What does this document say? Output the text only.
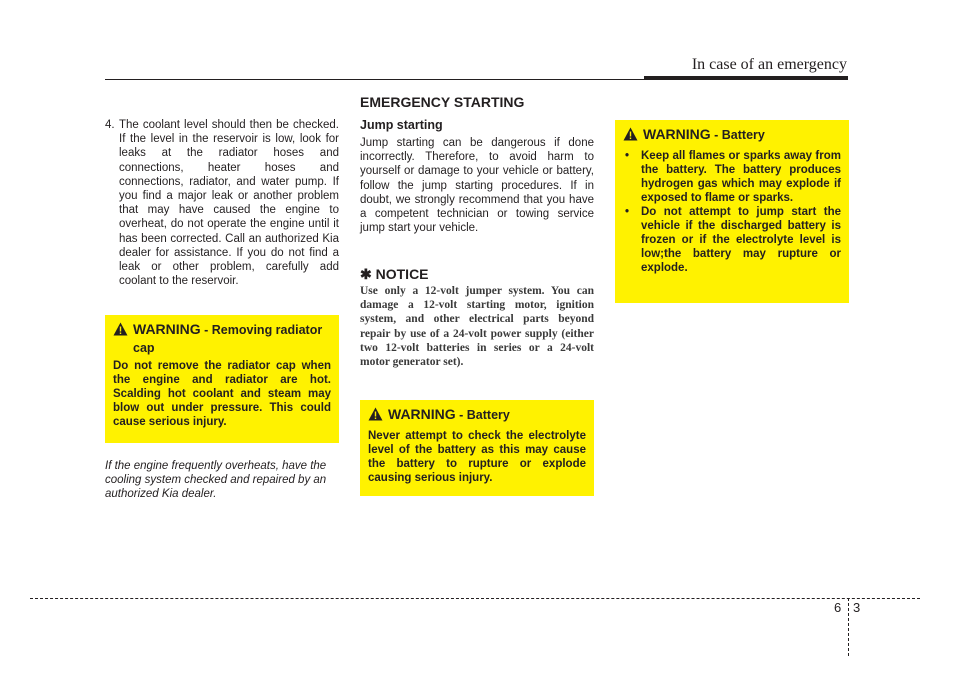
In case of an emergency
4. The coolant level should then be checked. If the level in the reservoir is low, look for leaks at the radiator hoses and connections, heater hoses and connections, radiator, and water pump. If you find a major leak or another problem that may have caused the engine to overheat, do not operate the engine until it has been corrected. Call an authorized Kia dealer for assistance. If you do not find a leak or other problem, carefully add coolant to the reservoir.
WARNING - Removing radiator cap
Do not remove the radiator cap when the engine and radiator are hot. Scalding hot coolant and steam may blow out under pressure. This could cause serious injury.
If the engine frequently overheats, have the cooling system checked and repaired by an authorized Kia dealer.
EMERGENCY STARTING
Jump starting
Jump starting can be dangerous if done incorrectly. Therefore, to avoid harm to yourself or damage to your vehicle or battery, follow the jump starting procedures. If in doubt, we strongly recommend that you have a competent technician or towing service jump start your vehicle.
✱ NOTICE
Use only a 12-volt jumper system. You can damage a 12-volt starting motor, ignition system, and other electrical parts beyond repair by use of a 24-volt power supply (either two 12-volt batteries in series or a 24-volt motor generator set).
WARNING - Battery
Never attempt to check the electrolyte level of the battery as this may cause the battery to rupture or explode causing serious injury.
WARNING - Battery
• Keep all flames or sparks away from the battery. The battery produces hydrogen gas which may explode if exposed to flame or sparks.
• Do not attempt to jump start the vehicle if the discharged battery is frozen or if the electrolyte level is low;the battery may rupture or explode.
6 3
